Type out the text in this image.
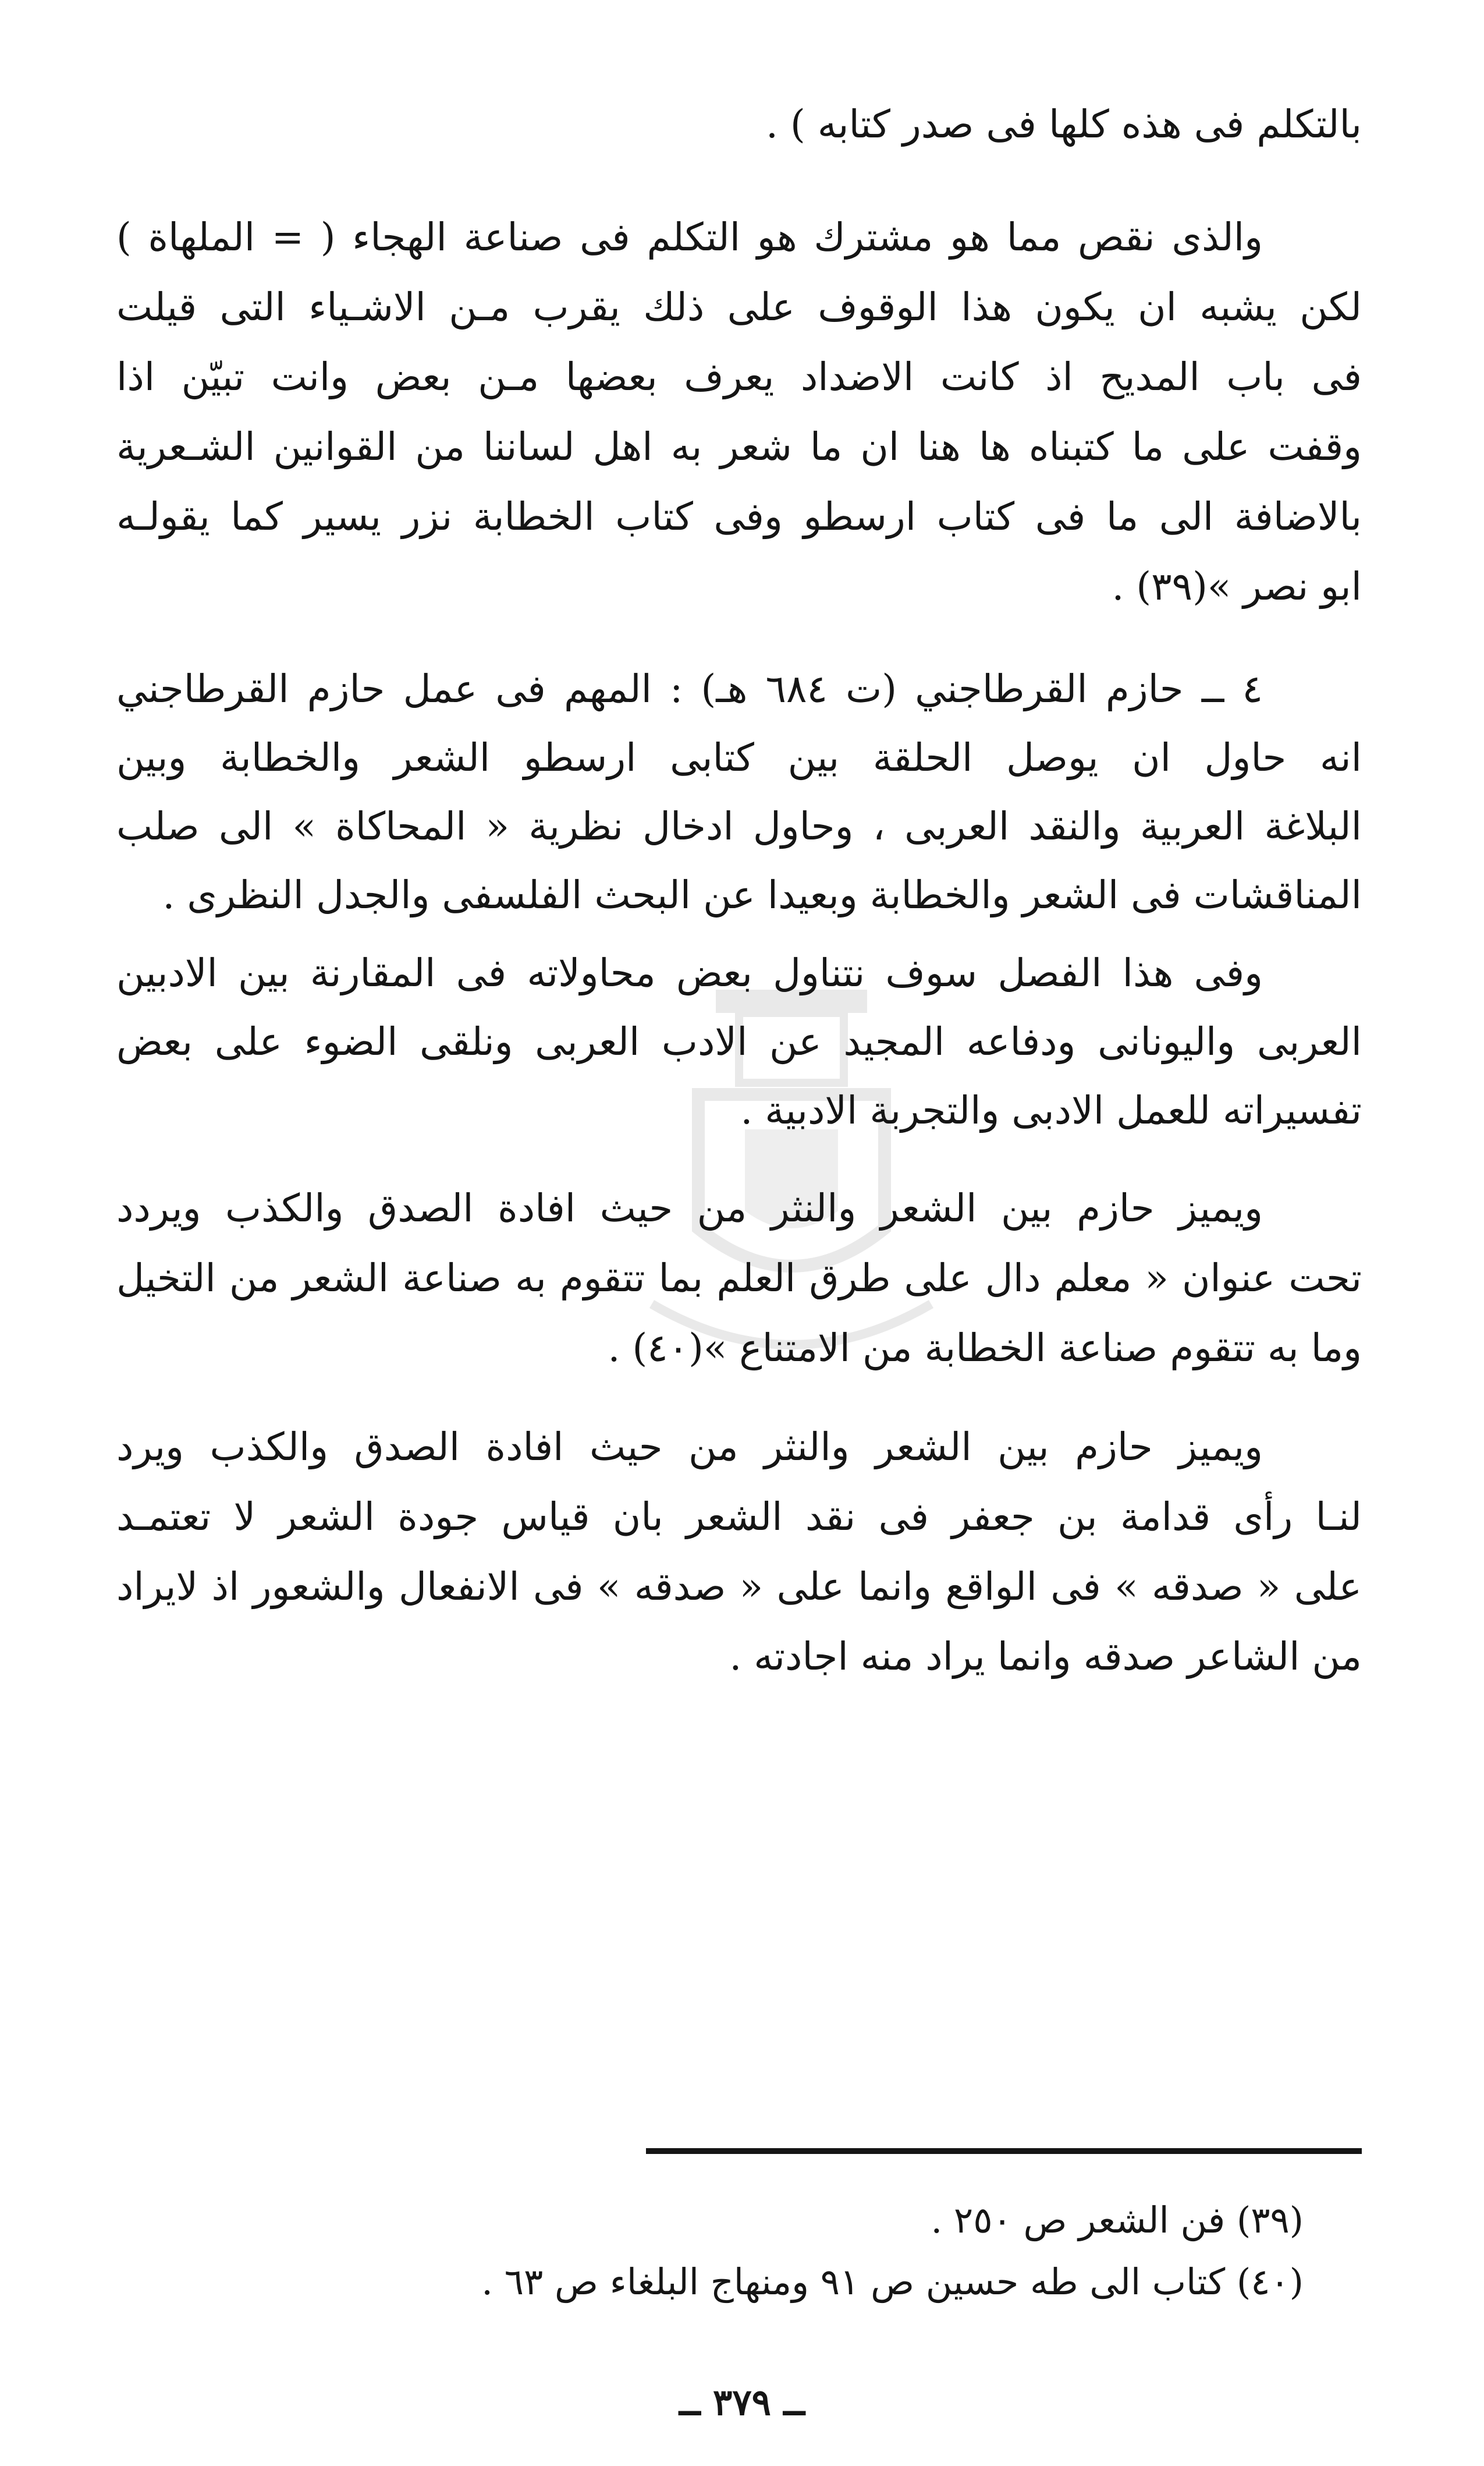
بالتكلم فى هذه كلها فى صدر كتابه ) .
والذى نقص مما هو مشترك هو التكلم فى صناعة الهجاء ( = الملهاة )
لكن يشبه ان يكون هذا الوقوف على ذلك يقرب مـن الاشـياء التى قيلت
فى باب المديح اذ كانت الاضداد يعرف بعضها مـن بعض وانت تبيّن اذا
وقفت على ما كتبناه ها هنا ان ما شعر به اهل لساننا من القوانين الشـعرية
بالاضافة الى ما فى كتاب ارسطو وفى كتاب الخطابة نزر يسير كما يقولـه
ابو نصر »(٣٩) .
٤ ــ حازم القرطاجني (ت ٦٨٤ هـ) : المهم فى عمل حازم القرطاجني
انه حاول ان يوصل الحلقة بين كتابى ارسطو الشعر والخطابة وبين
البلاغة العربية والنقد العربى ، وحاول ادخال نظرية « المحاكاة » الى صلب
المناقشات فى الشعر والخطابة وبعيدا عن البحث الفلسفى والجدل النظرى .
وفى هذا الفصل سوف نتناول بعض محاولاته فى المقارنة بين الادبين
العربى واليونانى ودفاعه المجيد عن الادب العربى ونلقى الضوء على بعض
تفسيراته للعمل الادبى والتجربة الادبية .
ويميز حازم بين الشعر والنثر من حيث افادة الصدق والكذب ويردد
تحت عنوان « معلم دال على طرق العلم بما تتقوم به صناعة الشعر من التخيل
وما به تتقوم صناعة الخطابة من الامتناع »(٤٠) .
ويميز حازم بين الشعر والنثر من حيث افادة الصدق والكذب ويرد
لنـا رأى قدامة بن جعفر فى نقد الشعر بان قياس جودة الشعر لا تعتمـد
على « صدقه » فى الواقع وانما على « صدقه » فى الانفعال والشعور اذ لايراد
من الشاعر صدقه وانما يراد منه اجادته .
(٣٩) فن الشعر ص ٢٥٠ .
(٤٠) كتاب الى طه حسين ص ٩١ ومنهاج البلغاء ص ٦٣ .
ــ ٣٧٩ ــ
